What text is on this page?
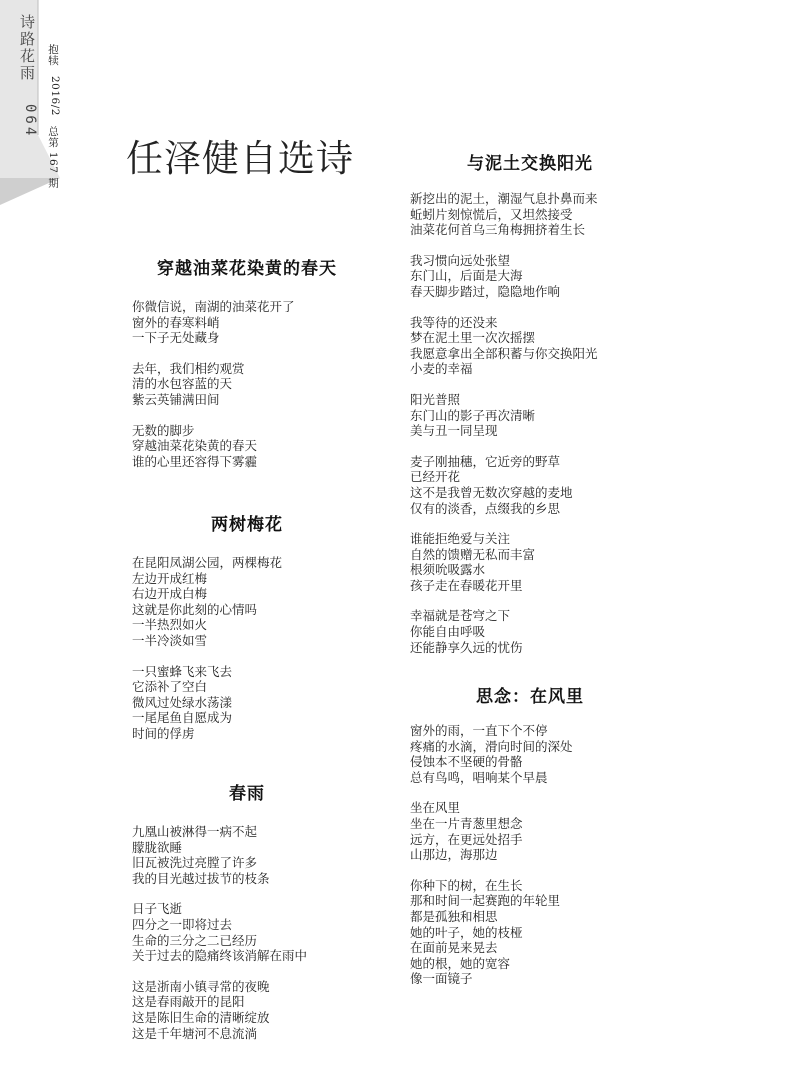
诗路花雨
064
抱犊
2016/2
总第 167 期 任泽健自选诗
穿越油菜花染黄的春天

你微信说，南湖的油菜花开了
窗外的春寒料峭
一下子无处藏身

去年，我们相约观赏
清的水包容蓝的天
紫云英铺满田间

无数的脚步
穿越油菜花染黄的春天
谁的心里还容得下雾霾

两树梅花

在昆阳凤湖公园，两棵梅花
左边开成红梅
右边开成白梅
这就是你此刻的心情吗
一半热烈如火
一半冷淡如雪

一只蜜蜂飞来飞去
它添补了空白
微风过处绿水荡漾
一尾尾鱼自愿成为
时间的俘虏

春雨

九凰山被淋得一病不起
朦胧欲睡
旧瓦被洗过亮膛了许多
我的目光越过拔节的枝条

日子飞逝
四分之一即将过去
生命的三分之二已经历
关于过去的隐痛终该消解在雨中

这是浙南小镇寻常的夜晚
这是春雨敲开的昆阳
这是陈旧生命的清晰绽放
这是千年塘河不息流淌

与泥土交换阳光

新挖出的泥土，潮湿气息扑鼻而来
蚯蚓片刻惊慌后，又坦然接受
油菜花何首乌三角梅拥挤着生长

我习惯向远处张望
东门山，后面是大海
春天脚步踏过，隐隐地作响

我等待的还没来
梦在泥土里一次次摇摆
我愿意拿出全部积蓄与你交换阳光
小麦的幸福

阳光普照
东门山的影子再次清晰
美与丑一同呈现

麦子刚抽穗，它近旁的野草
已经开花
这不是我曾无数次穿越的麦地
仅有的淡香，点缀我的乡思

谁能拒绝爱与关注
自然的馈赠无私而丰富
根须吮吸露水
孩子走在春暖花开里

幸福就是苍穹之下
你能自由呼吸
还能静享久远的忧伤

思念：在风里

窗外的雨，一直下个不停
疼痛的水滴，滑向时间的深处
侵蚀本不坚硬的骨骼
总有鸟鸣，唱响某个早晨

坐在风里
坐在一片青葱里想念
远方，在更远处招手
山那边，海那边

你种下的树，在生长
那和时间一起赛跑的年轮里
都是孤独和相思
她的叶子，她的枝桠
在面前晃来晃去
她的根，她的宽容
像一面镜子
